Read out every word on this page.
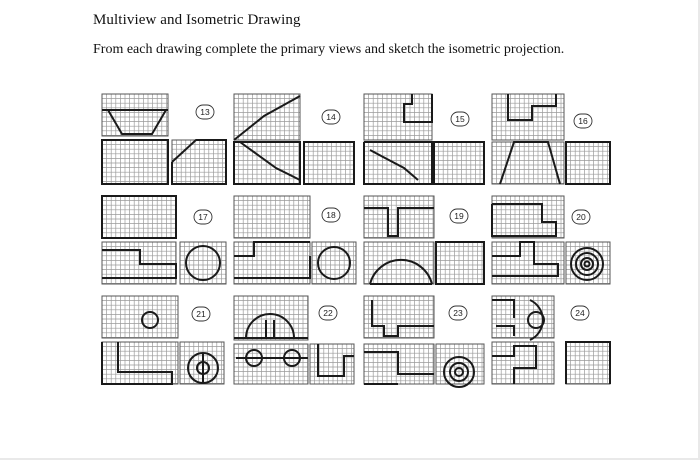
Multiview and Isometric Drawing
From each drawing complete the primary views and sketch the isometric projection.
13	14	15	16
17	18	19	20
21	22	23	24
